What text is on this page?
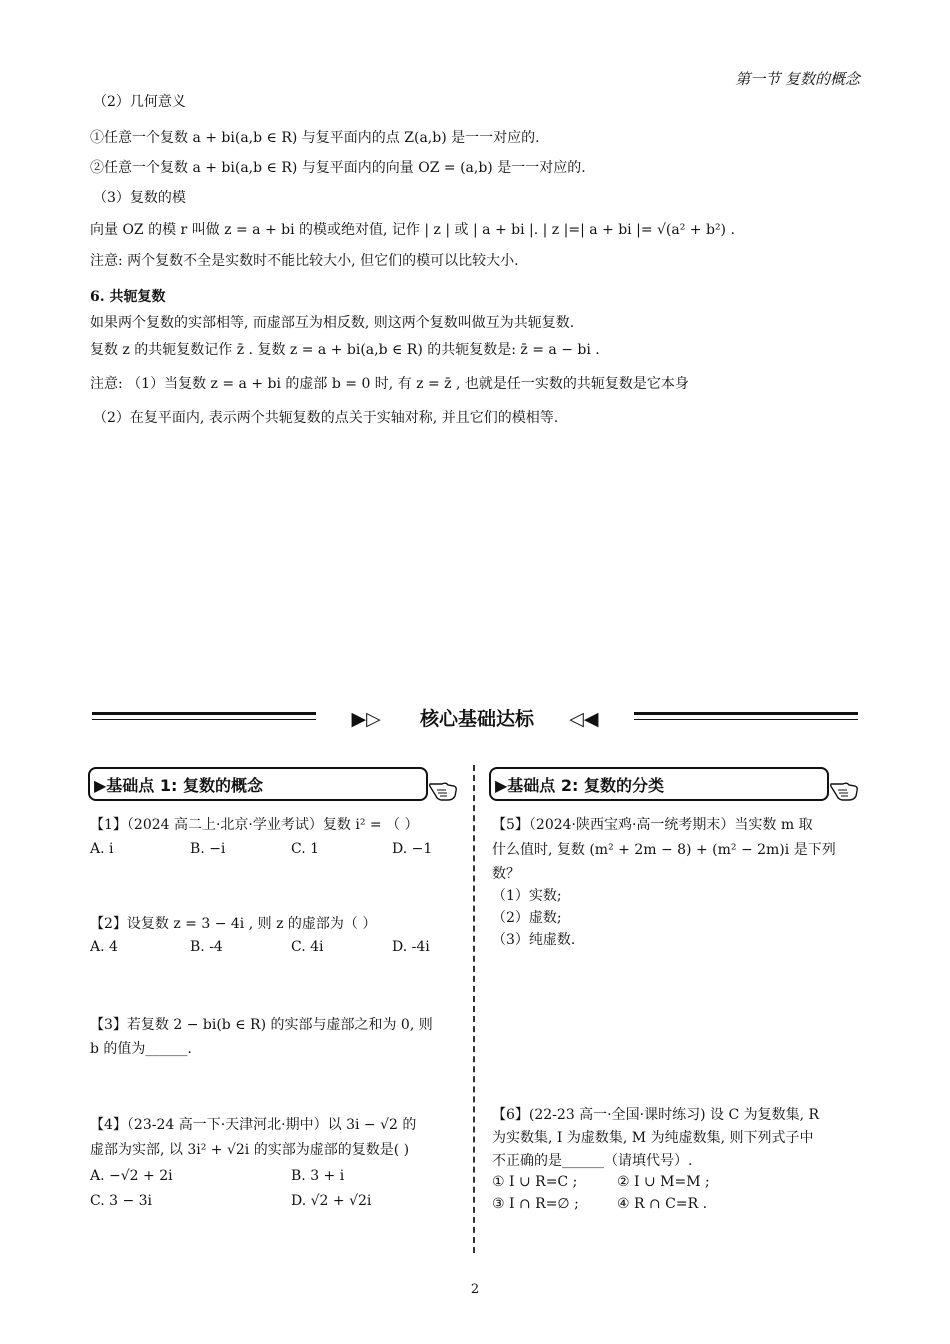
第一节 复数的概念
（2）几何意义
①任意一个复数 a + bi(a,b ∈ R) 与复平面内的点 Z(a,b) 是一一对应的.
②任意一个复数 a + bi(a,b ∈ R) 与复平面内的向量 OZ = (a,b) 是一一对应的.
（3）复数的模
向量 OZ 的模 r 叫做 z = a + bi 的模或绝对值, 记作 | z | 或 | a + bi |. | z |=| a + bi |= √(a² + b²) .
注意: 两个复数不全是实数时不能比较大小, 但它们的模可以比较大小.
6. 共轭复数
如果两个复数的实部相等, 而虚部互为相反数, 则这两个复数叫做互为共轭复数.
复数 z 的共轭复数记作 z̄ . 复数 z = a + bi(a,b ∈ R) 的共轭复数是: z̄ = a − bi .
注意: （1）当复数 z = a + bi 的虚部 b = 0 时, 有 z = z̄ , 也就是任一实数的共轭复数是它本身
（2）在复平面内, 表示两个共轭复数的点关于实轴对称, 并且它们的模相等.
▶▷ 核心基础达标 ◁◀
▶基础点 1: 复数的概念	▶基础点 2: 复数的分类
【1】（2024 高二上·北京·学业考试）复数 i² = （ ）
A. i	B. −i	C. 1	D. −1
【2】设复数 z = 3 − 4i , 则 z 的虚部为（ ）
A. 4	B. -4	C. 4i	D. -4i
【3】若复数 2 − bi(b ∈ R) 的实部与虚部之和为 0, 则
b 的值为______.
【4】（23-24 高一下·天津河北·期中）以 3i − √2 的
虚部为实部, 以 3i² + √2i 的实部为虚部的复数是( )
A. −√2 + 2i	B. 3 + i
C. 3 − 3i	D. √2 + √2i
【5】（2024·陕西宝鸡·高一统考期末）当实数 m 取
什么值时, 复数 (m² + 2m − 8) + (m² − 2m)i 是下列
数？
（1）实数;
（2）虚数;
（3）纯虚数.
【6】(22-23 高一·全国·课时练习) 设 C 为复数集, R
为实数集, I 为虚数集, M 为纯虚数集, 则下列式子中
不正确的是______（请填代号）.
① I ∪ R=C ;	② I ∪ M=M ;
③ I ∩ R=∅ ;	④ R ∩ C=R .
2
